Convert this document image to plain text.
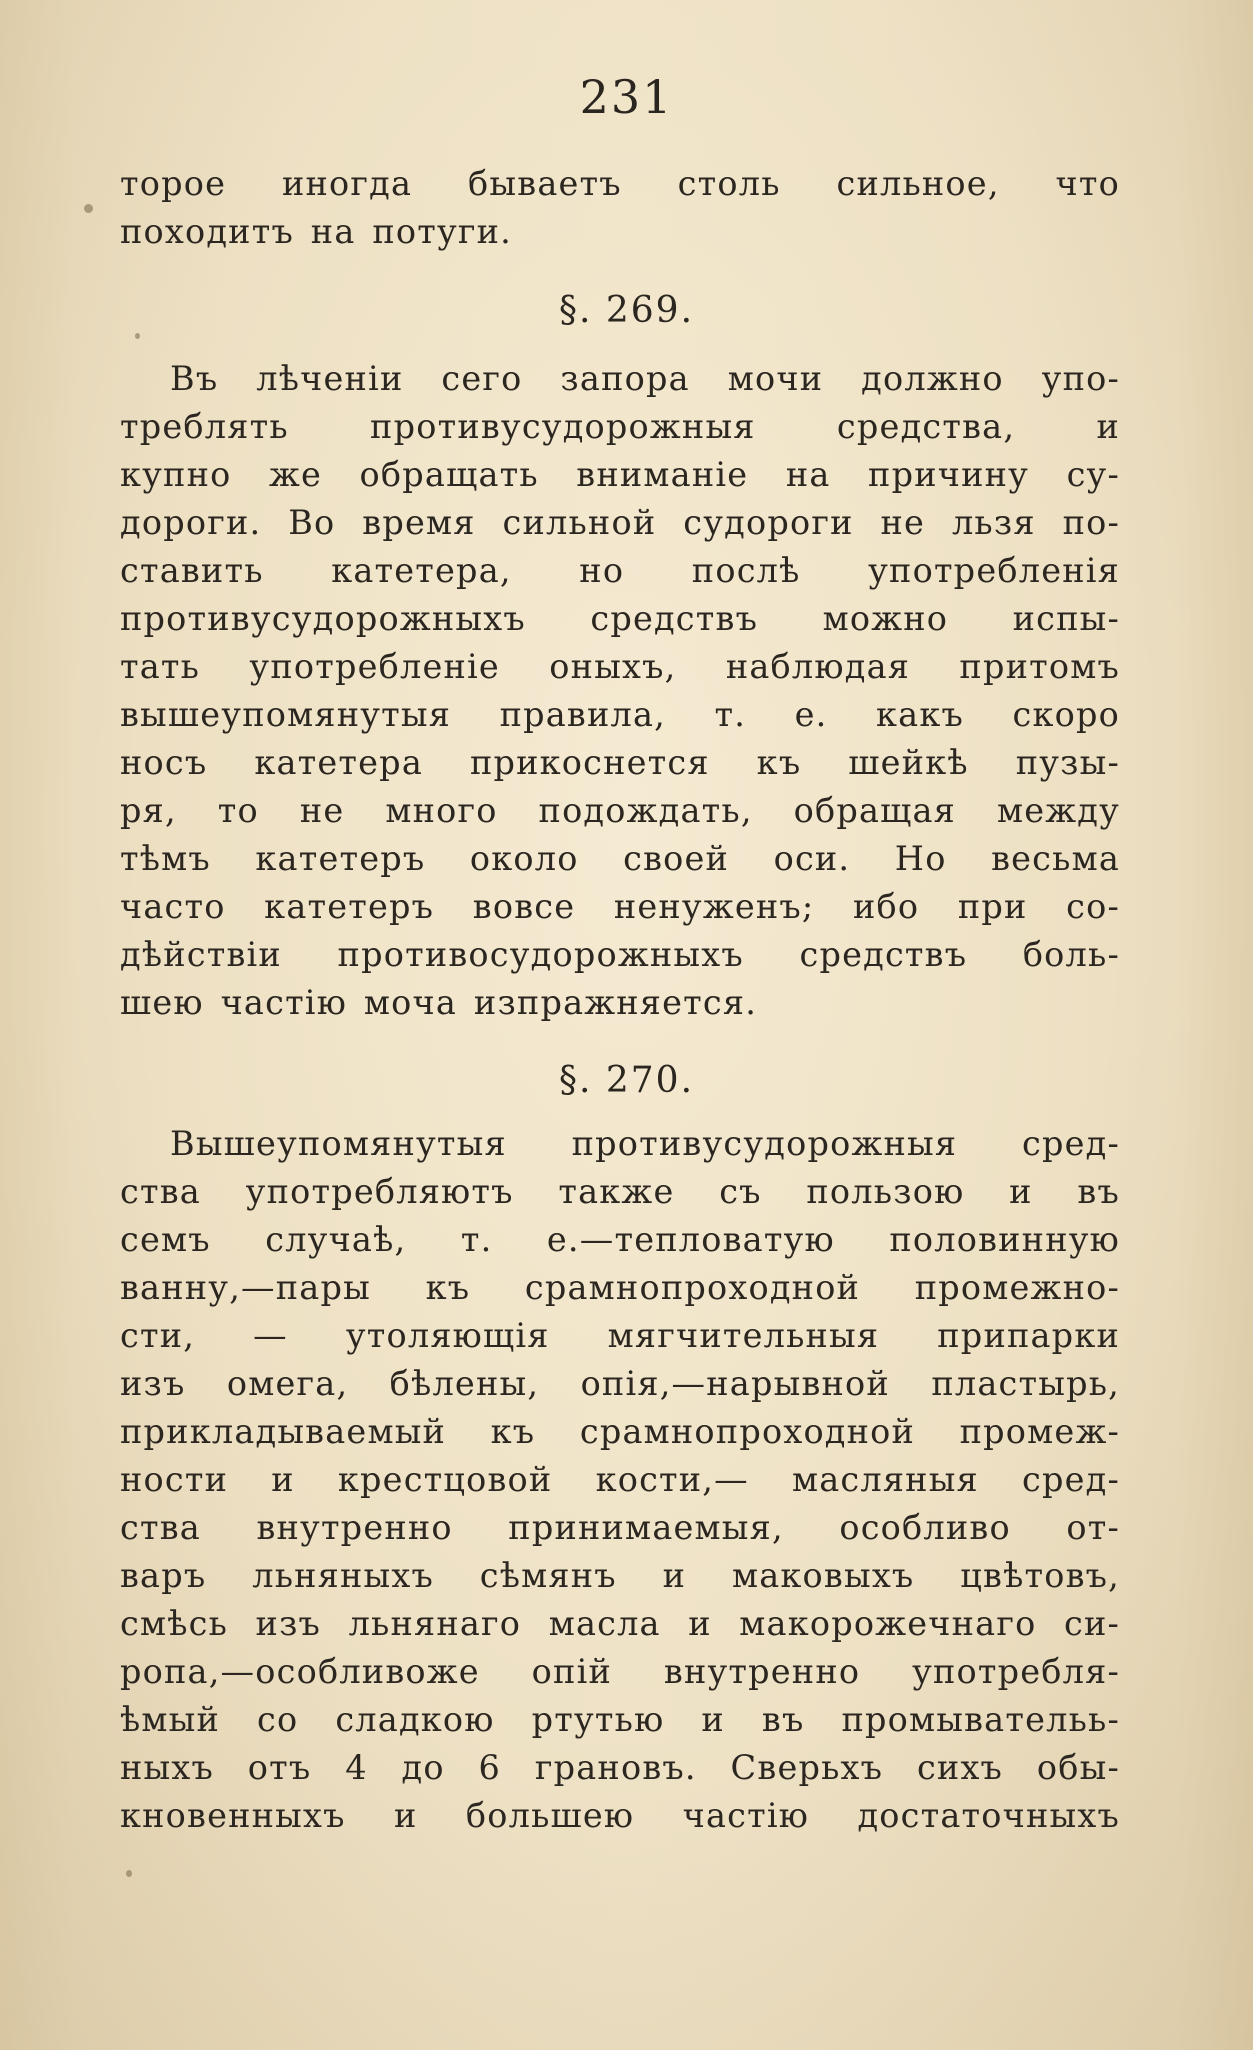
231
торое иногда бываетъ столь сильное, что
походитъ на потуги.
§. 269.
Въ лѣченіи сего запора мочи должно упо-
треблять противусудорожныя средства, и
купно же обращать вниманіе на причину су-
дороги. Во время сильной судороги не льзя по-
ставить катетера, но послѣ употребленія
противусудорожныхъ средствъ можно испы-
тать употребленіе оныхъ, наблюдая притомъ
вышеупомянутыя правила, т. е. какъ скоро
носъ катетера прикоснется къ шейкѣ пузы-
ря, то не много подождать, обращая между
тѣмъ катетеръ около своей оси. Но весьма
часто катетеръ вовсе ненуженъ; ибо при со-
дѣйствіи противосудорожныхъ средствъ боль-
шею частію моча изпражняется.
§. 270.
Вышеупомянутыя противусудорожныя сред-
ства употребляютъ также съ пользою и въ
семъ случаѣ, т. е.—тепловатую половинную
ванну,—пары къ срамнопроходной промежно-
сти, — утоляющія мягчительныя припарки
изъ омега, бѣлены, опія,—нарывной пластырь,
прикладываемый къ срамнопроходной промеж-
ности и крестцовой кости,— масляныя сред-
ства внутренно принимаемыя, особливо от-
варъ льняныхъ сѣмянъ и маковыхъ цвѣтовъ,
смѣсь изъ льнянаго масла и макорожечнаго си-
ропа,—особливоже опій внутренно употребля-
ѣмый со сладкою ртутью и въ промывательь-
ныхъ отъ 4 до 6 грановъ. Сверьхъ сихъ обы-
кновенныхъ и большею частію достаточныхъ
